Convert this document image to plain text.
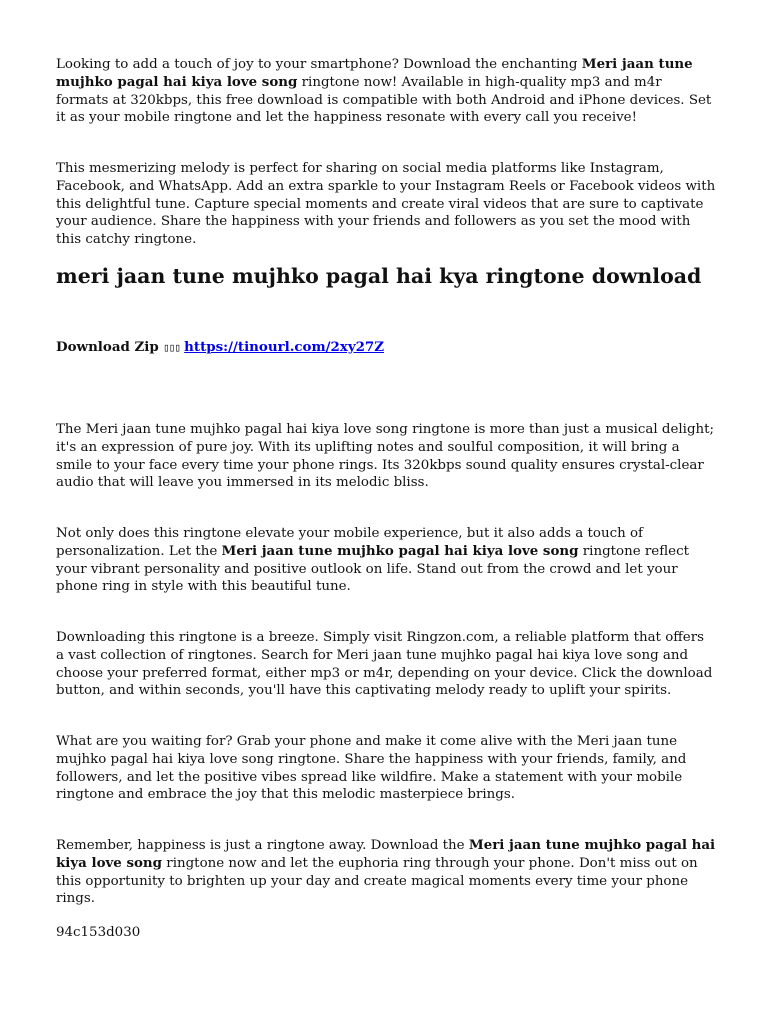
Looking to add a touch of joy to your smartphone? Download the enchanting Meri jaan tune mujhko pagal hai kiya love song ringtone now! Available in high-quality mp3 and m4r formats at 320kbps, this free download is compatible with both Android and iPhone devices. Set it as your mobile ringtone and let the happiness resonate with every call you receive!

This mesmerizing melody is perfect for sharing on social media platforms like Instagram, Facebook, and WhatsApp. Add an extra sparkle to your Instagram Reels or Facebook videos with this delightful tune. Capture special moments and create viral videos that are sure to captivate your audience. Share the happiness with your friends and followers as you set the mood with this catchy ringtone.

meri jaan tune mujhko pagal hai kya ringtone download

Download Zip ▯▯▯ https://tinourl.com/2xy27Z

The Meri jaan tune mujhko pagal hai kiya love song ringtone is more than just a musical delight; it's an expression of pure joy. With its uplifting notes and soulful composition, it will bring a smile to your face every time your phone rings. Its 320kbps sound quality ensures crystal-clear audio that will leave you immersed in its melodic bliss.

Not only does this ringtone elevate your mobile experience, but it also adds a touch of personalization. Let the Meri jaan tune mujhko pagal hai kiya love song ringtone reflect your vibrant personality and positive outlook on life. Stand out from the crowd and let your phone ring in style with this beautiful tune.

Downloading this ringtone is a breeze. Simply visit Ringzon.com, a reliable platform that offers a vast collection of ringtones. Search for Meri jaan tune mujhko pagal hai kiya love song and choose your preferred format, either mp3 or m4r, depending on your device. Click the download button, and within seconds, you'll have this captivating melody ready to uplift your spirits.

What are you waiting for? Grab your phone and make it come alive with the Meri jaan tune mujhko pagal hai kiya love song ringtone. Share the happiness with your friends, family, and followers, and let the positive vibes spread like wildfire. Make a statement with your mobile ringtone and embrace the joy that this melodic masterpiece brings.

Remember, happiness is just a ringtone away. Download the Meri jaan tune mujhko pagal hai kiya love song ringtone now and let the euphoria ring through your phone. Don't miss out on this opportunity to brighten up your day and create magical moments every time your phone rings.

94c153d030
